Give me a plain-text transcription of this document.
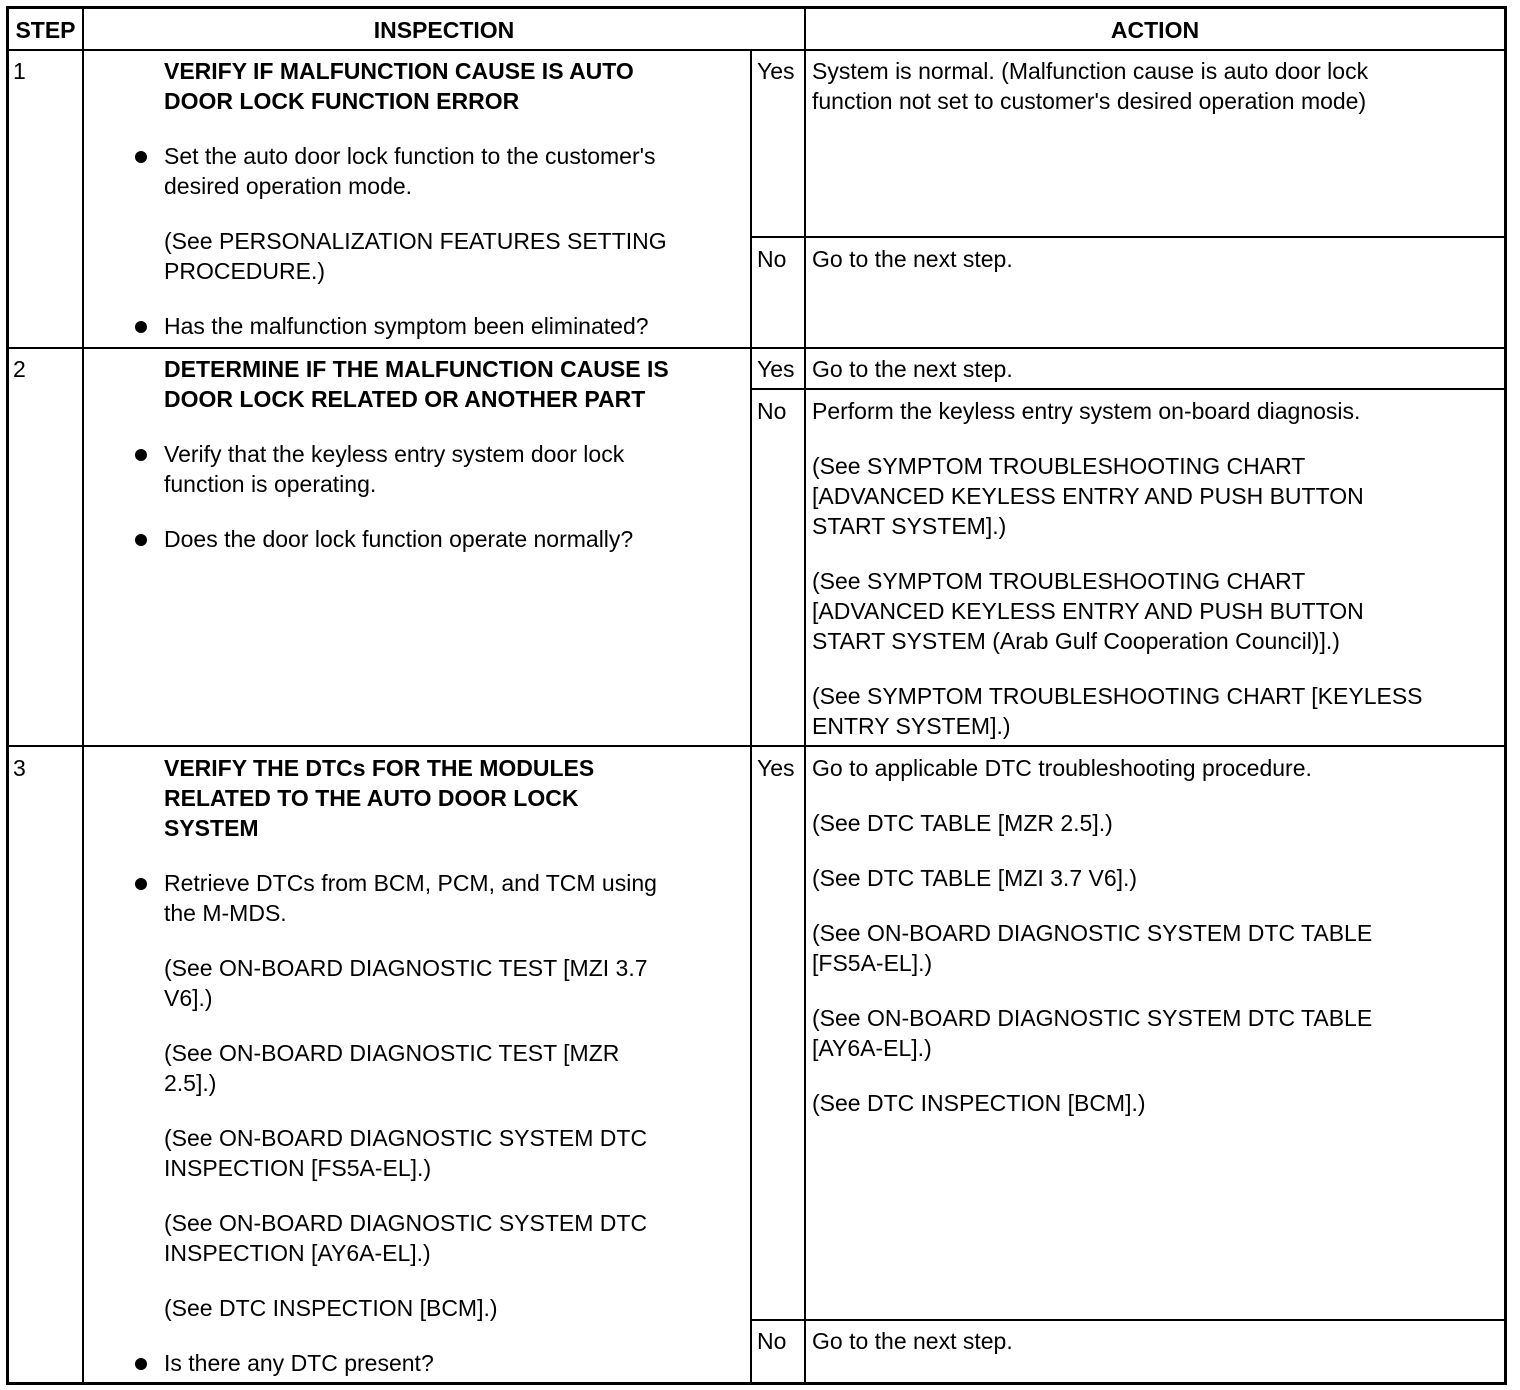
STEP	INSPECTION	ACTION
1	VERIFY IF MALFUNCTION CAUSE IS AUTO
DOOR LOCK FUNCTION ERROR
Set the auto door lock function to the customer's
desired operation mode.
(See PERSONALIZATION FEATURES SETTING
PROCEDURE.)
Has the malfunction symptom been eliminated?
Yes System is normal. (Malfunction cause is auto door lock
function not set to customer's desired operation mode)
No Go to the next step.
2	DETERMINE IF THE MALFUNCTION CAUSE IS
DOOR LOCK RELATED OR ANOTHER PART
Verify that the keyless entry system door lock
function is operating.
Does the door lock function operate normally?
Yes Go to the next step.
No Perform the keyless entry system on-board diagnosis.
(See SYMPTOM TROUBLESHOOTING CHART
[ADVANCED KEYLESS ENTRY AND PUSH BUTTON
START SYSTEM].)
(See SYMPTOM TROUBLESHOOTING CHART
[ADVANCED KEYLESS ENTRY AND PUSH BUTTON
START SYSTEM (Arab Gulf Cooperation Council)].)
(See SYMPTOM TROUBLESHOOTING CHART [KEYLESS
ENTRY SYSTEM].)
3	VERIFY THE DTCs FOR THE MODULES
RELATED TO THE AUTO DOOR LOCK
SYSTEM
Retrieve DTCs from BCM, PCM, and TCM using
the M-MDS.
(See ON-BOARD DIAGNOSTIC TEST [MZI 3.7
V6].)
(See ON-BOARD DIAGNOSTIC TEST [MZR
2.5].)
(See ON-BOARD DIAGNOSTIC SYSTEM DTC
INSPECTION [FS5A-EL].)
(See ON-BOARD DIAGNOSTIC SYSTEM DTC
INSPECTION [AY6A-EL].)
(See DTC INSPECTION [BCM].)
Is there any DTC present?
Yes Go to applicable DTC troubleshooting procedure.
(See DTC TABLE [MZR 2.5].)
(See DTC TABLE [MZI 3.7 V6].)
(See ON-BOARD DIAGNOSTIC SYSTEM DTC TABLE
[FS5A-EL].)
(See ON-BOARD DIAGNOSTIC SYSTEM DTC TABLE
[AY6A-EL].)
(See DTC INSPECTION [BCM].)
No Go to the next step.
